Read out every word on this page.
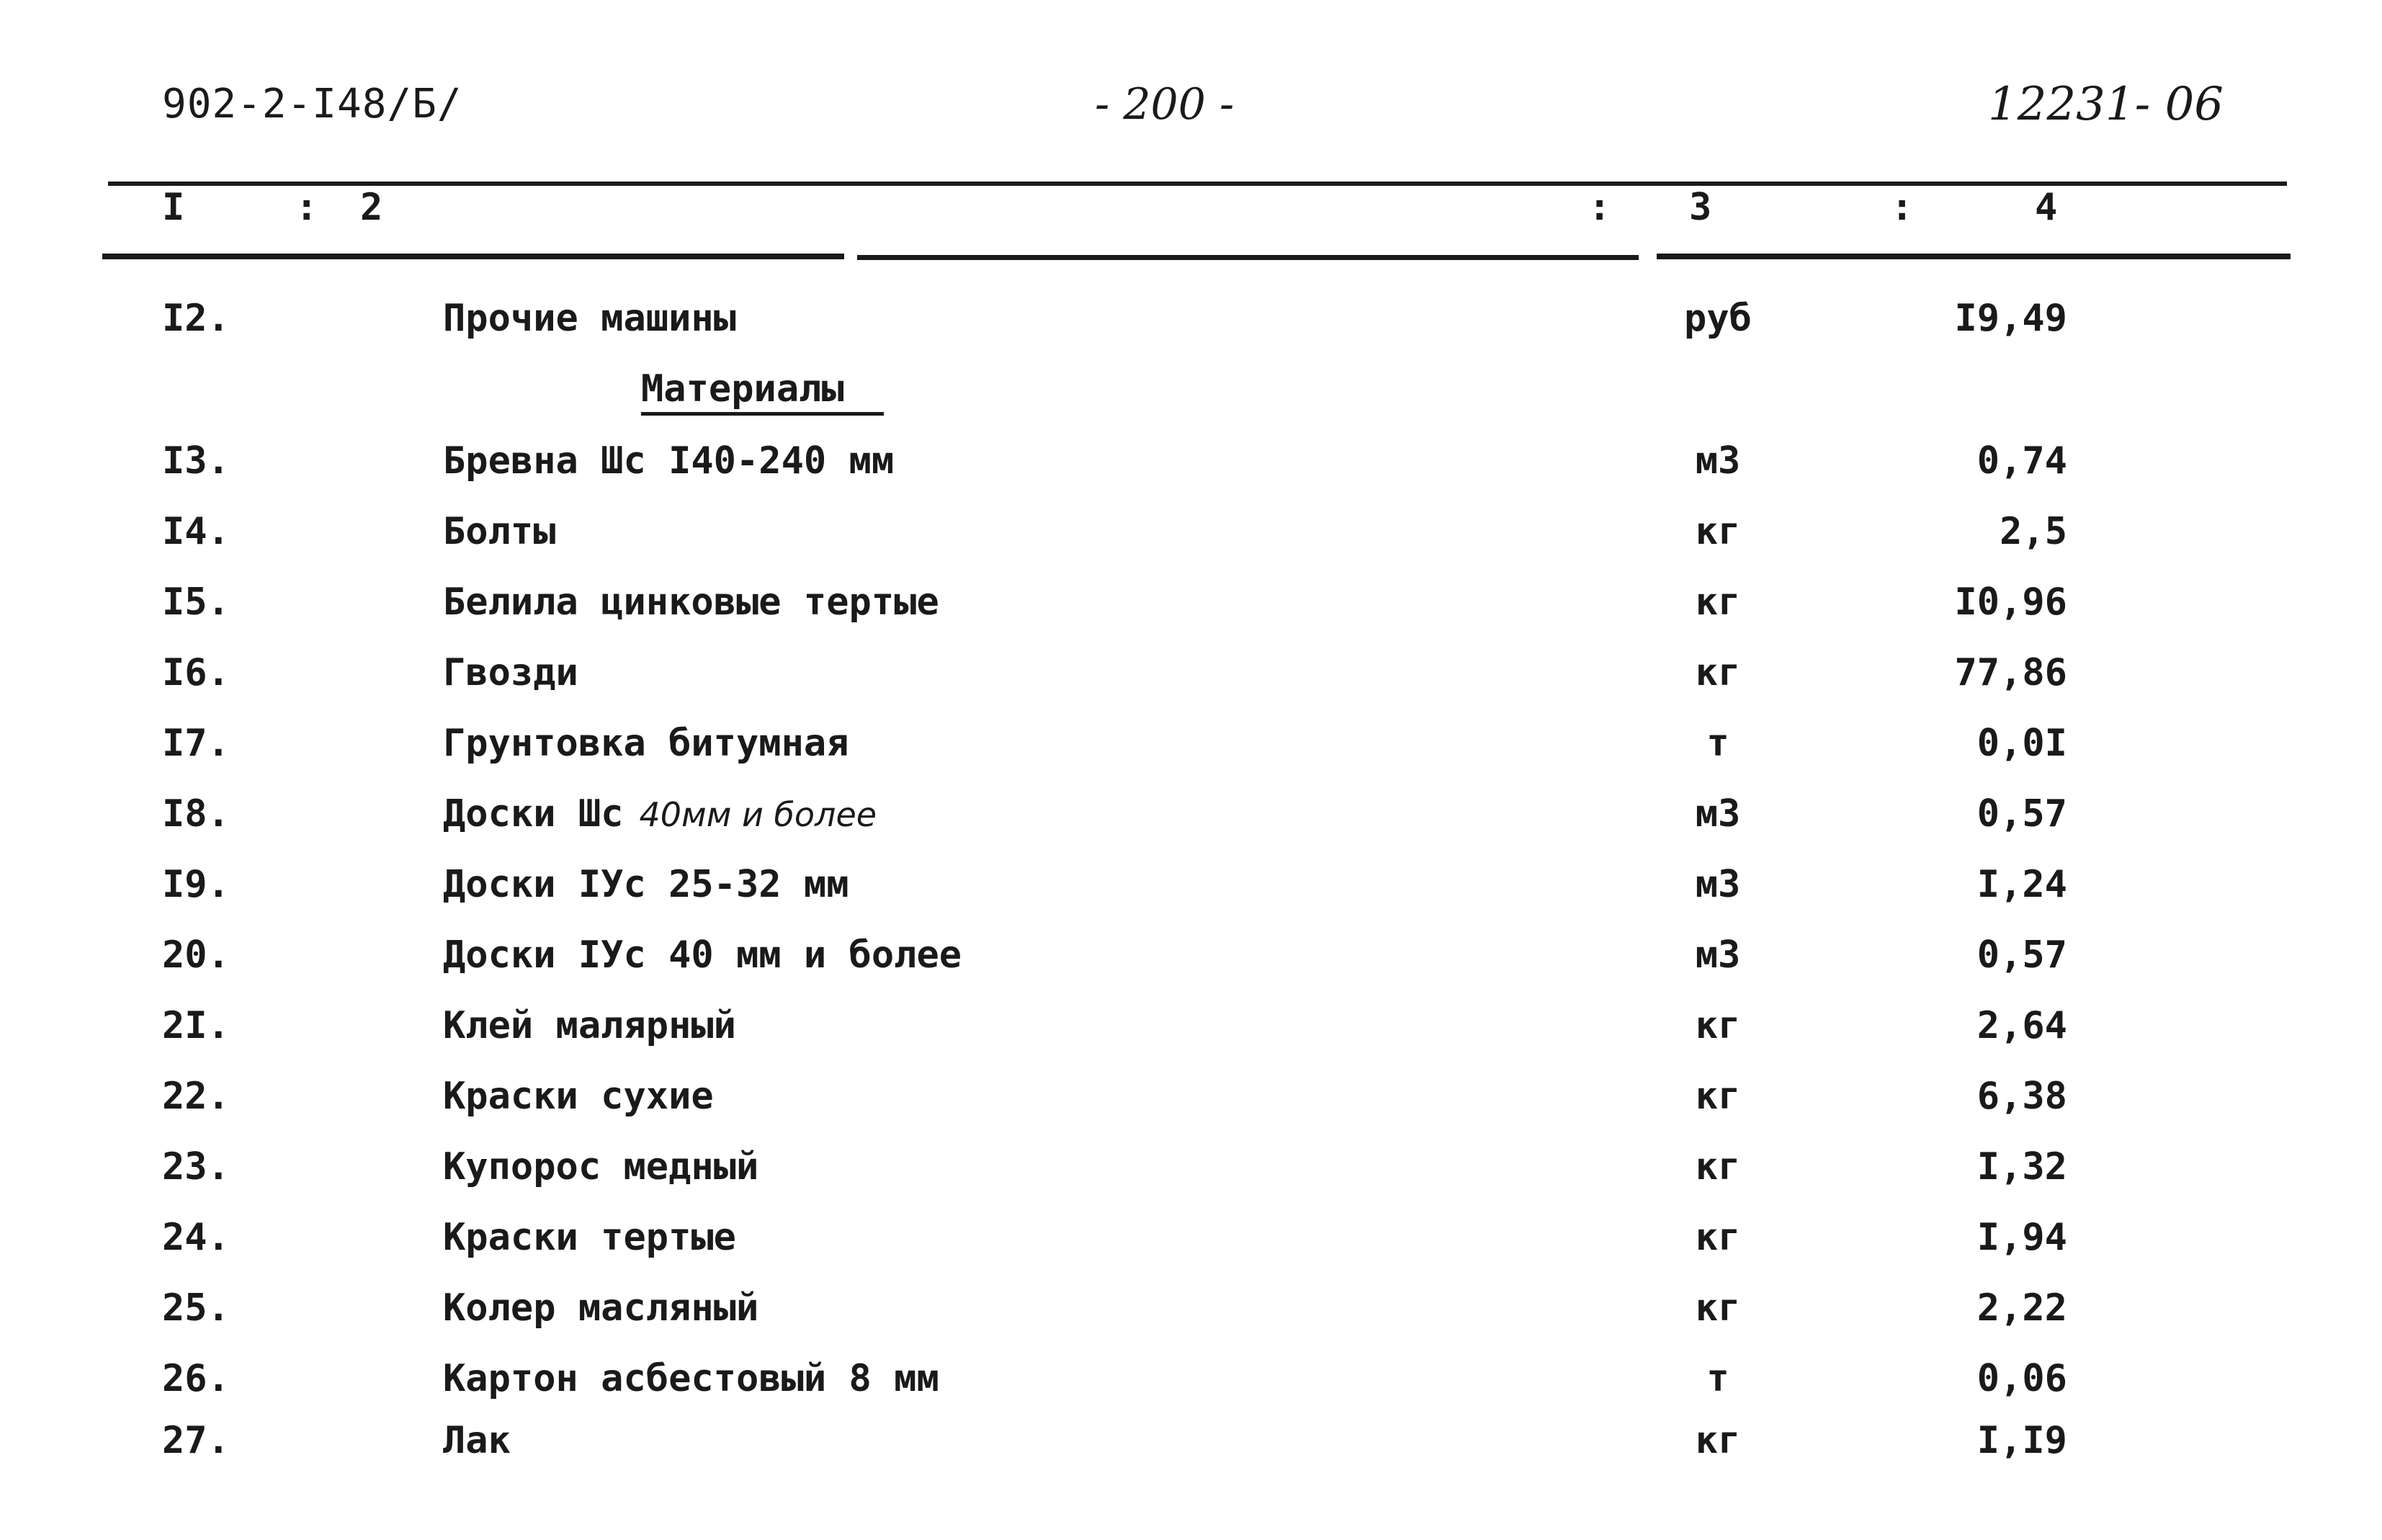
902-2-I48/Б/	- 200 -	12231- 06
I	: 2	: 3	:	4
Материалы
I2.	Прочие машины	руб	I9,49
I3.	Бревна Шс I40-240 мм	м3	0,74
I4.	Болты	кг	2,5
I5.	Белила цинковые тертые	кг	I0,96
I6.	Гвозди	кг	77,86
I7.	Грунтовка битумная	т	0,0I
I8.	Доски Шс 40мм и более	м3	0,57
I9.	Доски IУс 25-32 мм	м3	I,24
20.	Доски IУс 40 мм и более	м3	0,57
2I.	Клей малярный	кг	2,64
22.	Краски сухие	кг	6,38
23.	Купорос медный	кг	I,32
24.	Краски тертые	кг	I,94
25.	Колер масляный	кг	2,22
26.	Картон асбестовый 8 мм	т	0,06
27.	Лак	кг	I,I9
